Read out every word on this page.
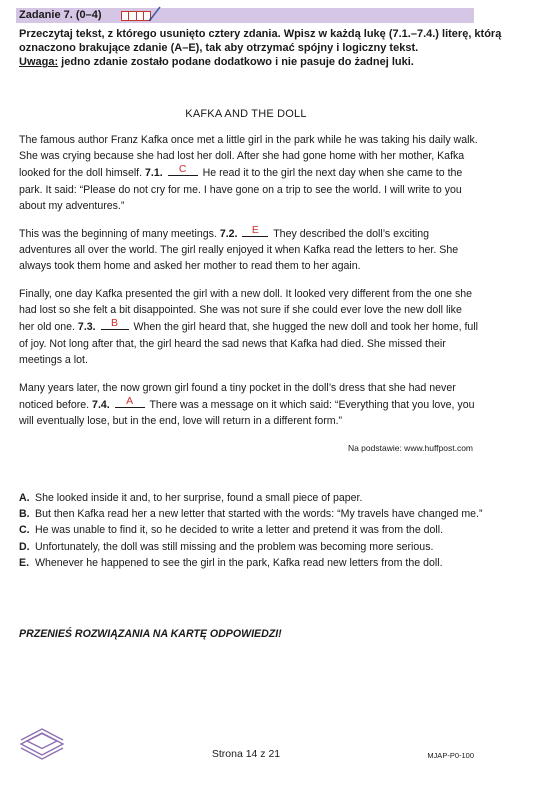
Zadanie 7. (0–4)

Przeczytaj tekst, z którego usunięto cztery zdania. Wpisz w każdą lukę (7.1.–7.4.) literę, którą oznaczono brakujące zdanie (A–E), tak aby otrzymać spójny i logiczny tekst.

Uwaga: jedno zdanie zostało podane dodatkowo i nie pasuje do żadnej luki.

KAFKA AND THE DOLL

The famous author Franz Kafka once met a little girl in the park while he was taking his daily walk. She was crying because she had lost her doll. After she had gone home with her mother, Kafka looked for the doll himself. 7.1.	C	He read it to the girl the next day when she came to the park. It said: “Please do not cry for me. I have gone on a trip to see the world. I will write to you about my adventures.”

This was the beginning of many meetings. 7.2.	E	They described the doll’s exciting adventures all over the world. The girl really enjoyed it when Kafka read the letters to her. She always took them home and asked her mother to read them to her again.

Finally, one day Kafka presented the girl with a new doll. It looked very different from the one she had lost so she felt a bit disappointed. She was not sure if she could ever love the new doll like her old one. 7.3.	B	When the girl heard that, she hugged the new doll and took her home, full of joy. Not long after that, the girl heard the sad news that Kafka had died. She missed their meetings a lot.

Many years later, the now grown girl found a tiny pocket in the doll’s dress that she had never noticed before. 7.4.	A	There was a message on it which said: “Everything that you love, you will eventually lose, but in the end, love will return in a different form.”

Na podstawie: www.huffpost.com
A. She looked inside it and, to her surprise, found a small piece of paper.
B. But then Kafka read her a new letter that started with the words: “My travels have changed me.”
C. He was unable to find it, so he decided to write a letter and pretend it was from the doll.
D. Unfortunately, the doll was still missing and the problem was becoming more serious.
E. Whenever he happened to see the girl in the park, Kafka read new letters from the doll.
PRZENIEŚ ROZWIĄZANIA NA KARTĘ ODPOWIEDZI!
Strona 14 z 21	MJAP-P0-100
